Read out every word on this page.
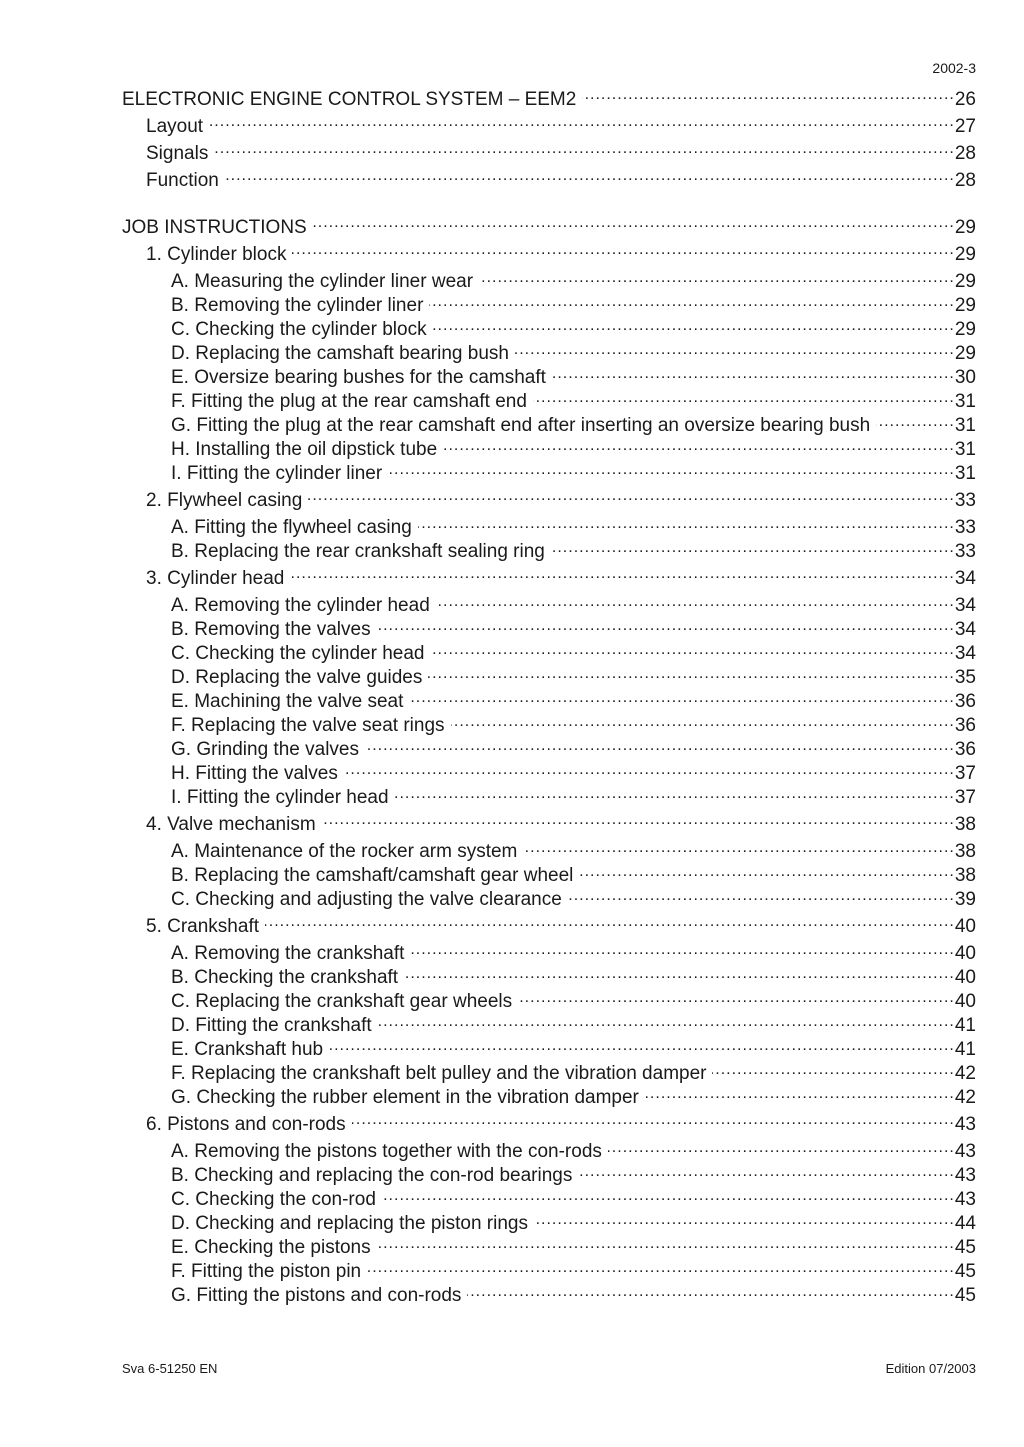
2002-3
ELECTRONIC ENGINE CONTROL SYSTEM – EEM2 .....	26
Layout .....	27
Signals .....	28
Function .....	28
JOB INSTRUCTIONS .....	29
1. Cylinder block .....	29
A. Measuring the cylinder liner wear .....	29
B. Removing the cylinder liner .....	29
C. Checking the cylinder block .....	29
D. Replacing the camshaft bearing bush .....	29
E. Oversize bearing bushes for the camshaft .....	30
F. Fitting the plug at the rear camshaft end .....	31
G. Fitting the plug at the rear camshaft end after inserting an oversize bearing bush .....	31
H. Installing the oil dipstick tube .....	31
I. Fitting the cylinder liner .....	31
2. Flywheel casing .....	33
A. Fitting the flywheel casing .....	33
B. Replacing the rear crankshaft sealing ring .....	33
3. Cylinder head .....	34
A. Removing the cylinder head .....	34
B. Removing the valves .....	34
C. Checking the cylinder head .....	34
D. Replacing the valve guides .....	35
E. Machining the valve seat .....	36
F. Replacing the valve seat rings .....	36
G. Grinding the valves .....	36
H. Fitting the valves .....	37
I. Fitting the cylinder head .....	37
4. Valve mechanism .....	38
A. Maintenance of the rocker arm system .....	38
B. Replacing the camshaft/camshaft gear wheel .....	38
C. Checking and adjusting the valve clearance .....	39
5. Crankshaft .....	40
A. Removing the crankshaft .....	40
B. Checking the crankshaft .....	40
C. Replacing the crankshaft gear wheels .....	40
D. Fitting the crankshaft .....	41
E. Crankshaft hub .....	41
F. Replacing the crankshaft belt pulley and the vibration damper .....	42
G. Checking the rubber element in the vibration damper .....	42
6. Pistons and con-rods .....	43
A. Removing the pistons together with the con-rods .....	43
B. Checking and replacing the con-rod bearings .....	43
C. Checking the con-rod .....	43
D. Checking and replacing the piston rings .....	44
E. Checking the pistons .....	45
F. Fitting the piston pin .....	45
G. Fitting the pistons and con-rods .....	45
Sva 6-51250 EN	Edition 07/2003
